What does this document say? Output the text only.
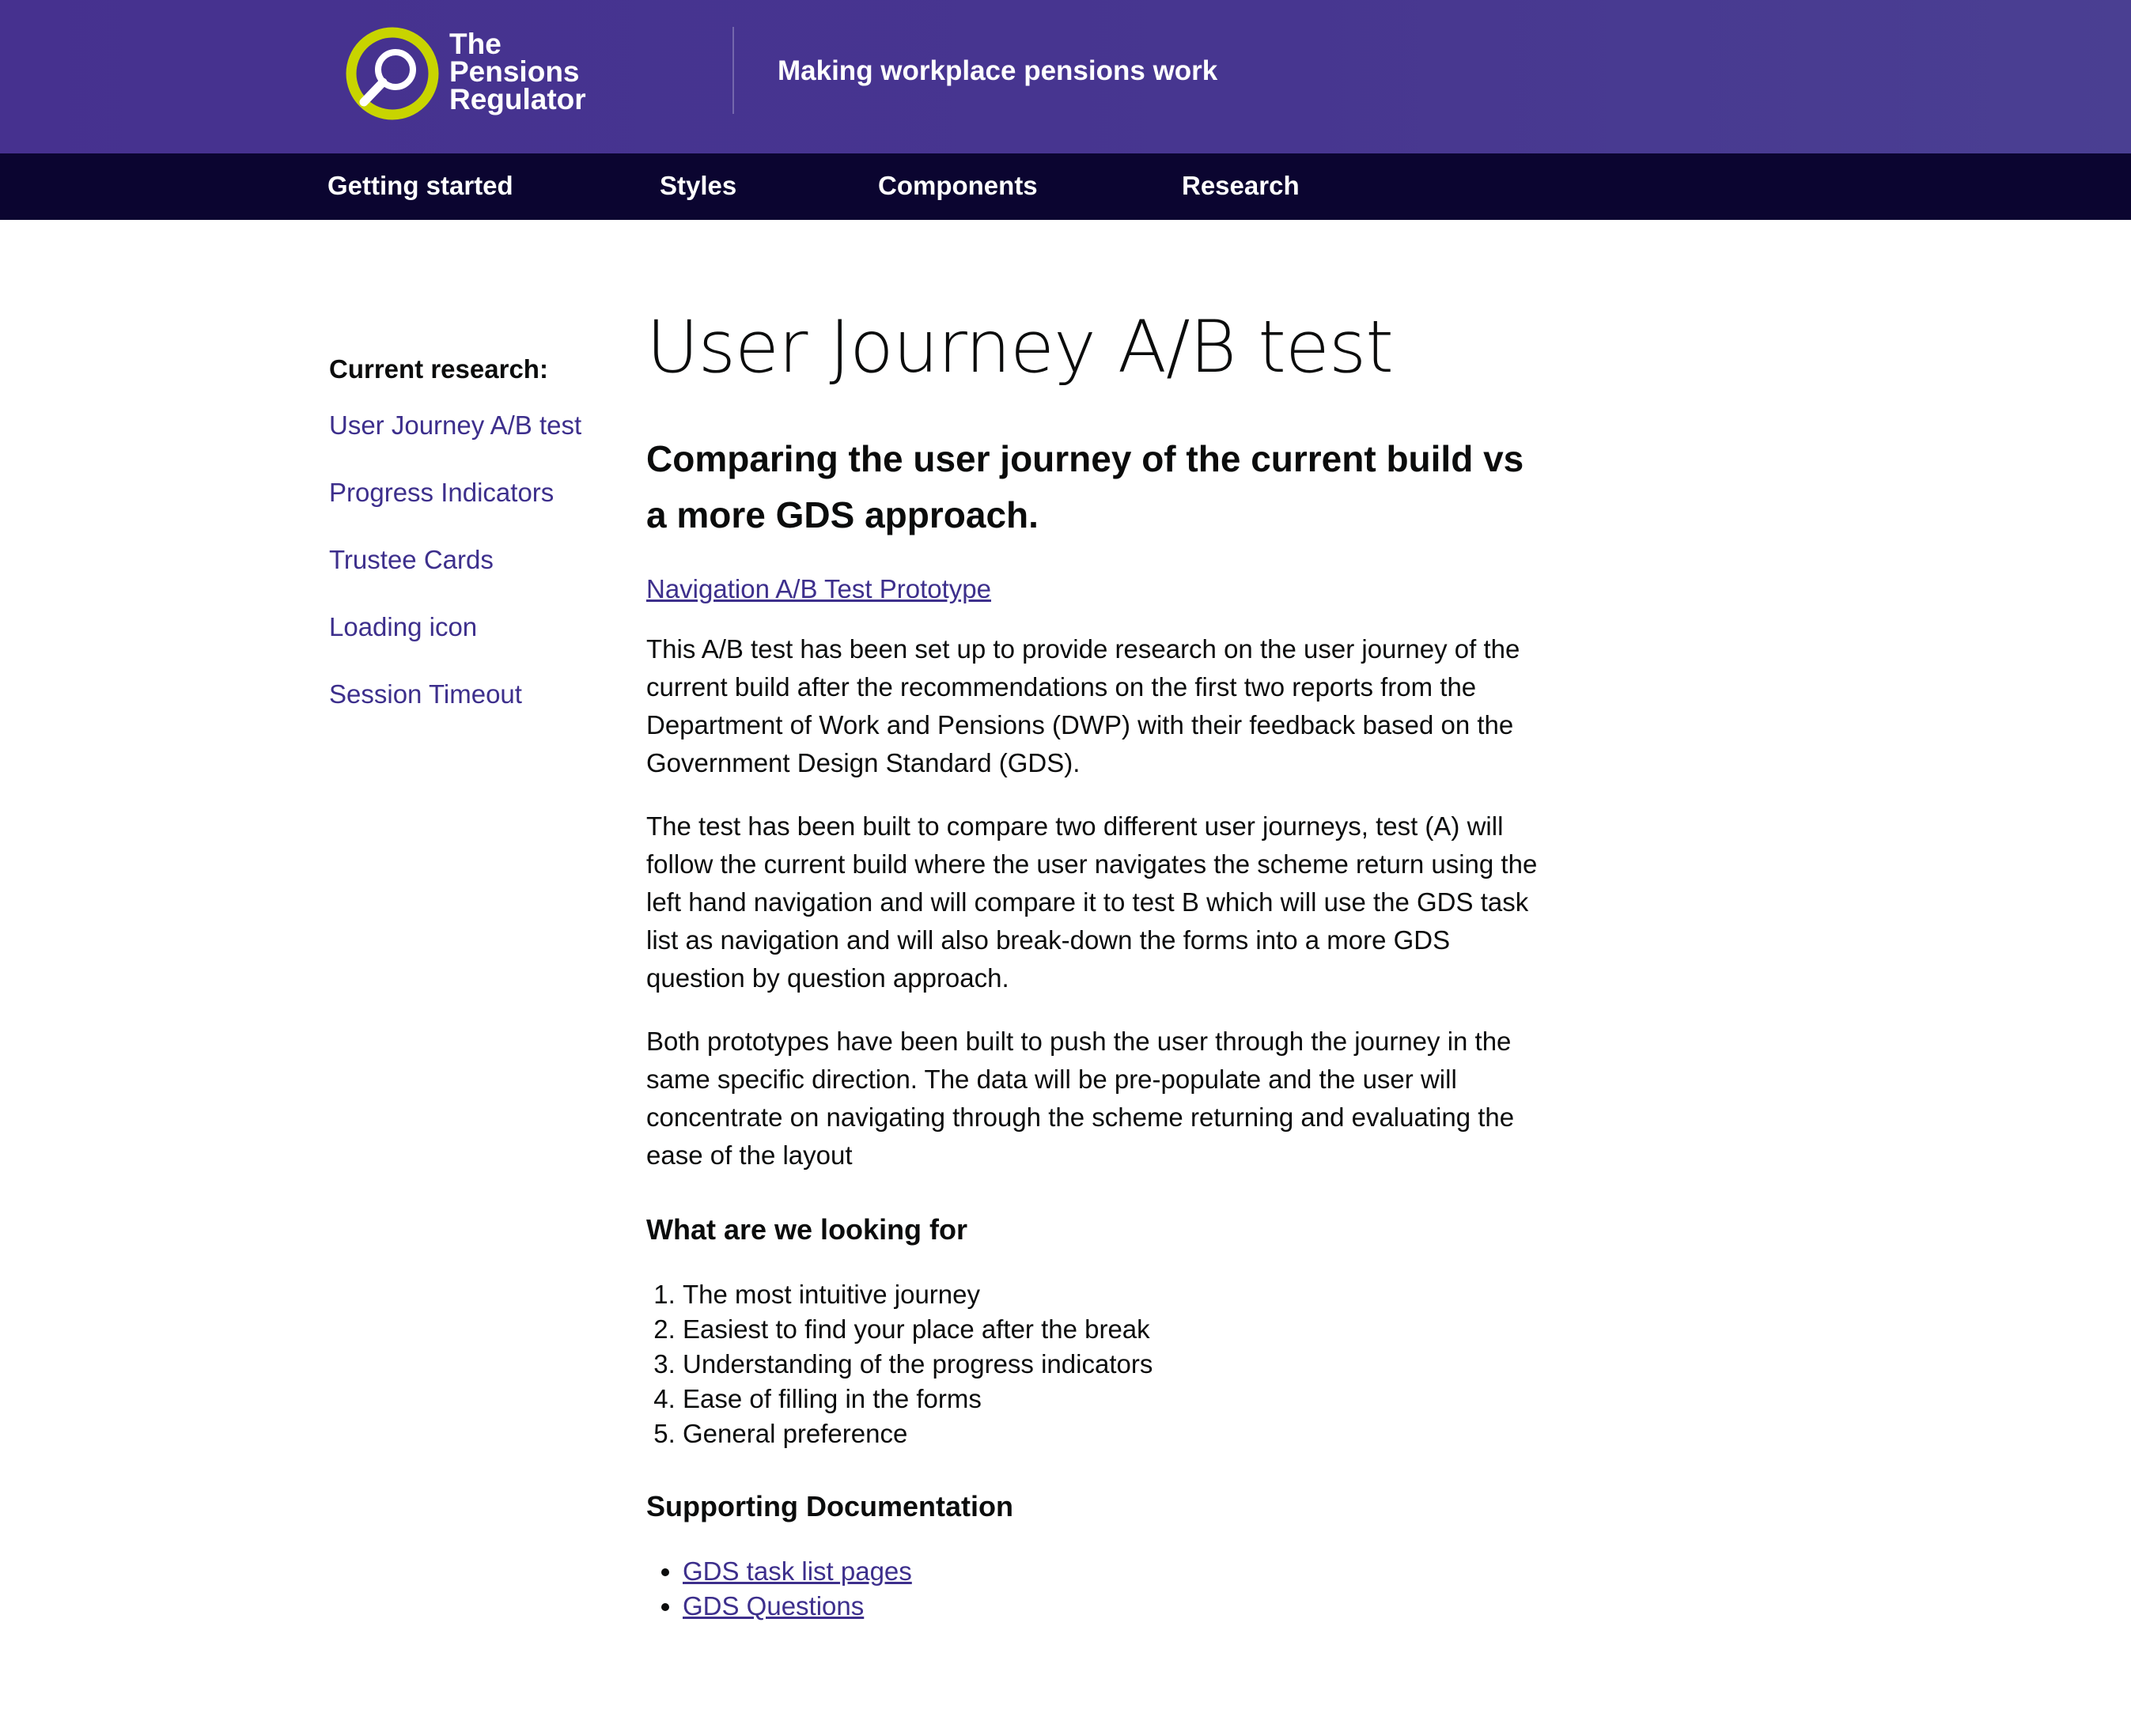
The
Pensions
Regulator
Making workplace pensions work
Getting started	Styles	Components	Research
Current research:
User Journey A/B test
Progress Indicators
Trustee Cards
Loading icon
Session Timeout
User Journey A/B test
Comparing the user journey of the current build vs a more GDS approach.
Navigation A/B Test Prototype

This A/B test has been set up to provide research on the user journey of the current build after the recommendations on the first two reports from the Department of Work and Pensions (DWP) with their feedback based on the Government Design Standard (GDS).

The test has been built to compare two different user journeys, test (A) will follow the current build where the user navigates the scheme return using the left hand navigation and will compare it to test B which will use the GDS task list as navigation and will also break-down the forms into a more GDS question by question approach.

Both prototypes have been built to push the user through the journey in the same specific direction. The data will be pre-populate and the user will concentrate on navigating through the scheme returning and evaluating the ease of the layout

What are we looking for
1. The most intuitive journey
2. Easiest to find your place after the break
3. Understanding of the progress indicators
4. Ease of filling in the forms
5. General preference
Supporting Documentation
• GDS task list pages
• GDS Questions
